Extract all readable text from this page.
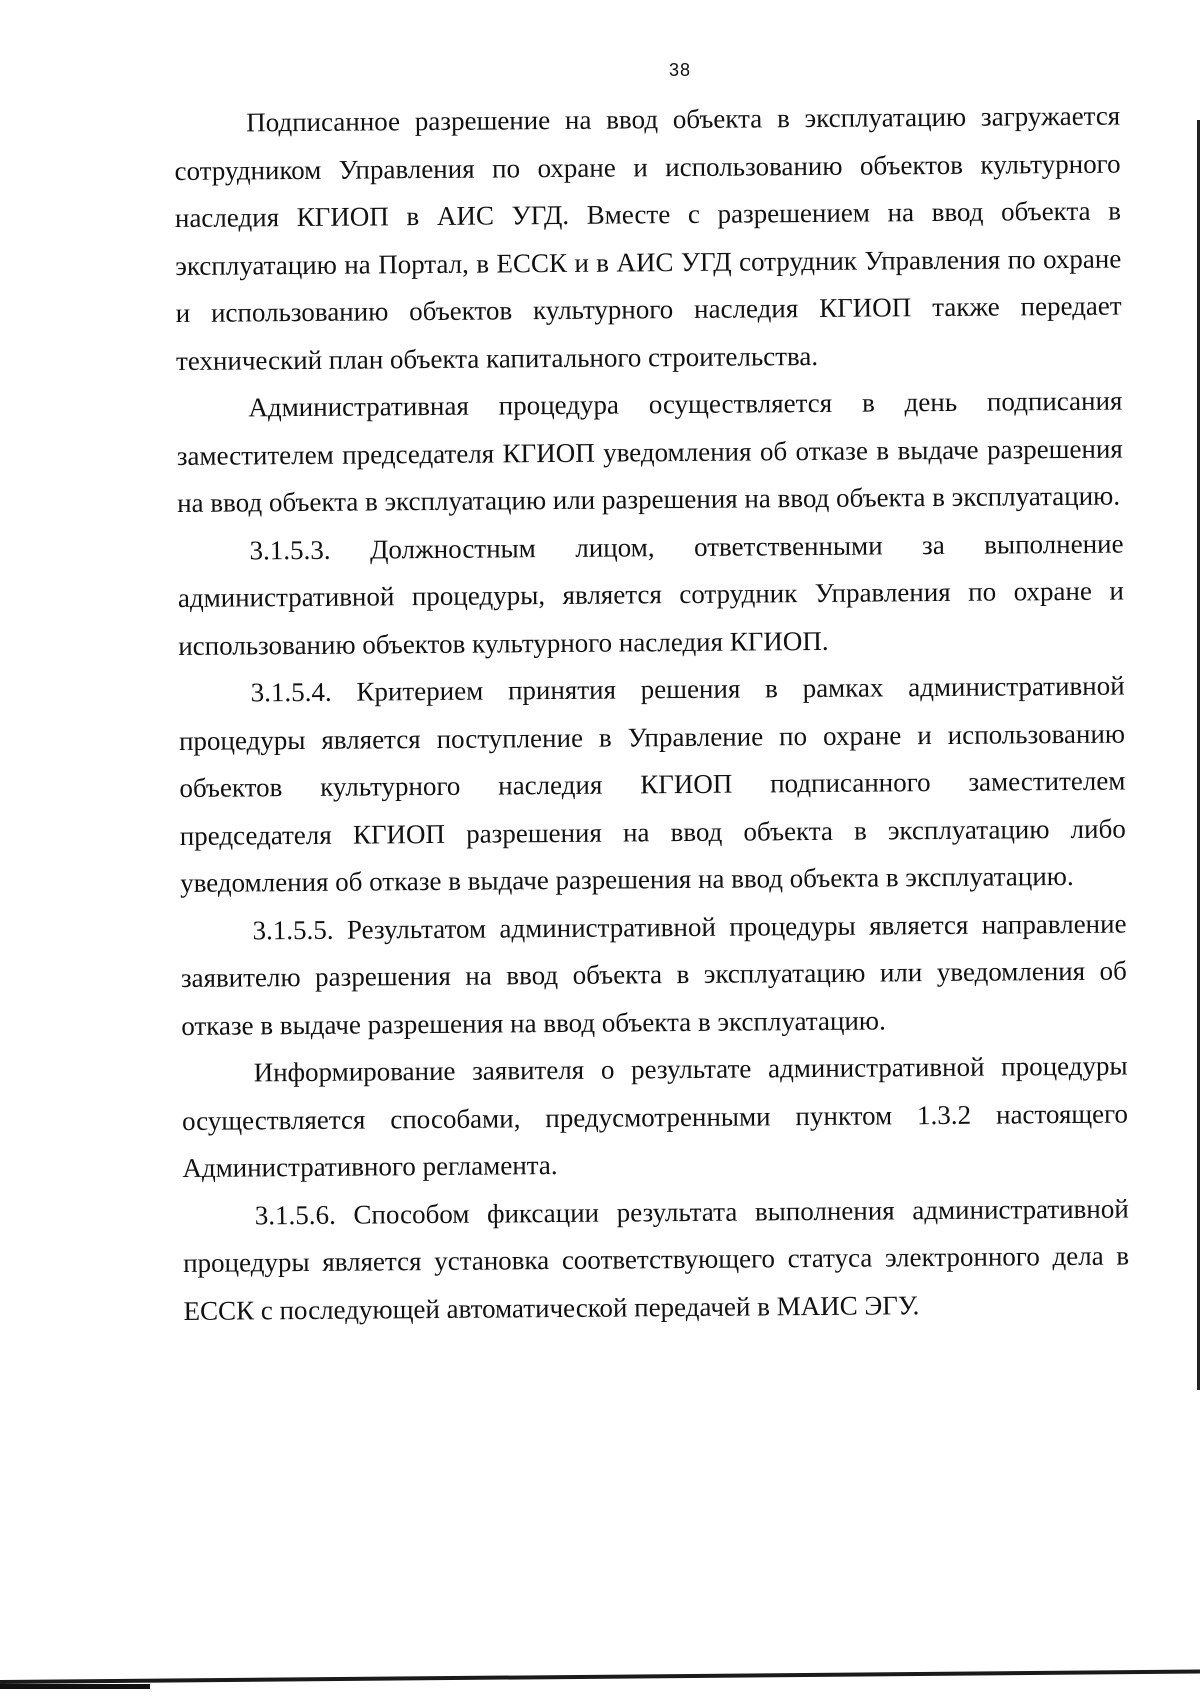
38

Подписанное разрешение на ввод объекта в эксплуатацию загружается сотрудником Управления по охране и использованию объектов культурного наследия КГИОП в АИС УГД. Вместе с разрешением на ввод объекта в эксплуатацию на Портал, в ЕССК и в АИС УГД сотрудник Управления по охране и использованию объектов культурного наследия КГИОП также передает технический план объекта капитального строительства.

Административная процедура осуществляется в день подписания заместителем председателя КГИОП уведомления об отказе в выдаче разрешения на ввод объекта в эксплуатацию или разрешения на ввод объекта в эксплуатацию.

3.1.5.3. Должностным лицом, ответственными за выполнение административной процедуры, является сотрудник Управления по охране и использованию объектов культурного наследия КГИОП.

3.1.5.4. Критерием принятия решения в рамках административной процедуры является поступление в Управление по охране и использованию объектов культурного наследия КГИОП подписанного заместителем председателя КГИОП разрешения на ввод объекта в эксплуатацию либо уведомления об отказе в выдаче разрешения на ввод объекта в эксплуатацию.

3.1.5.5. Результатом административной процедуры является направление заявителю разрешения на ввод объекта в эксплуатацию или уведомления об отказе в выдаче разрешения на ввод объекта в эксплуатацию.

Информирование заявителя о результате административной процедуры осуществляется способами, предусмотренными пунктом 1.3.2 настоящего Административного регламента.

3.1.5.6. Способом фиксации результата выполнения административной процедуры является установка соответствующего статуса электронного дела в ЕССК с последующей автоматической передачей в МАИС ЭГУ.
